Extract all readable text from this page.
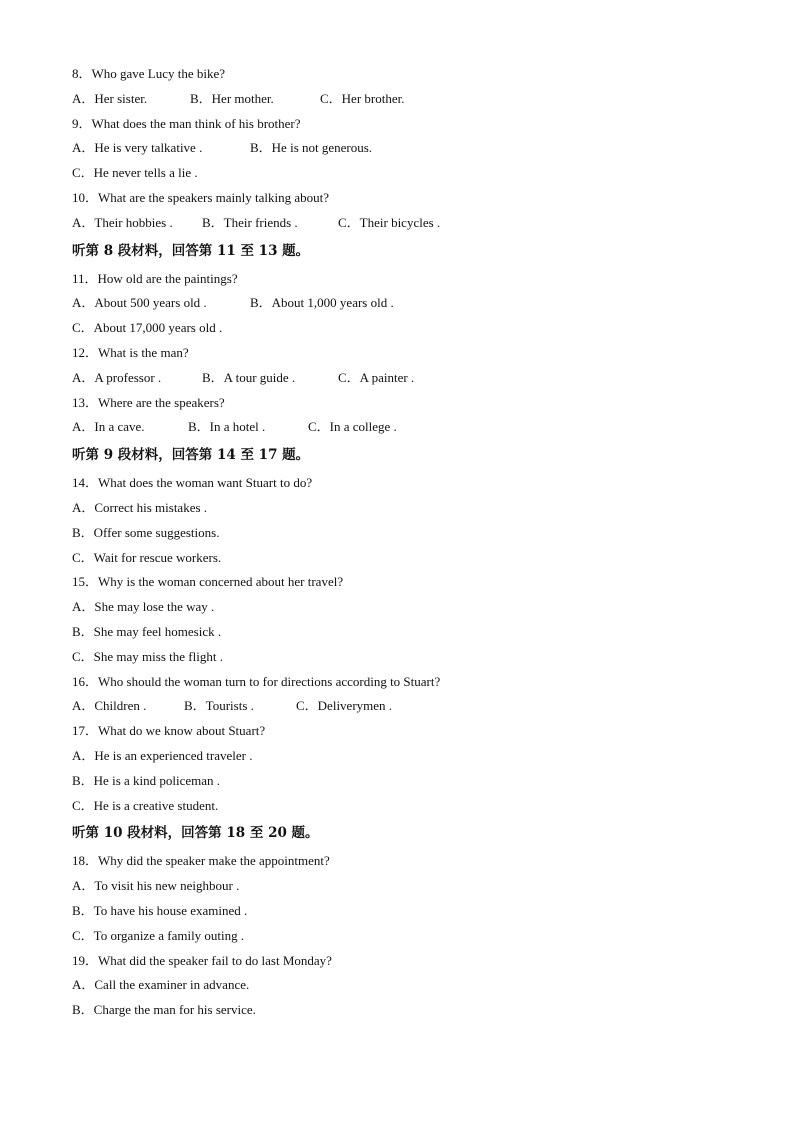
8．Who gave Lucy the bike?
A．Her sister.	B．Her mother.	C．Her brother.
9．What does the man think of his brother?
A．He is very talkative .	B．He is not generous.
C．He never tells a lie .
10．What are the speakers mainly talking about?
A．Their hobbies . B．Their friends .	C．Their bicycles .
听第 8 段材料，回答第 11 至 13 题。
11．How old are the paintings?
A．About 500 years old .	B．About 1,000 years old .
C．About 17,000 years old .
12．What is the man?
A．A professor .	B．A tour guide .	C．A painter .
13．Where are the speakers?
A．In a cave.	B．In a hotel .	C．In a college .
听第 9 段材料，回答第 14 至 17 题。
14．What does the woman want Stuart to do?
A．Correct his mistakes .
B．Offer some suggestions.
C．Wait for rescue workers.
15．Why is the woman concerned about her travel?
A．She may lose the way .
B．She may feel homesick .
C．She may miss the flight .
16．Who should the woman turn to for directions according to Stuart?
A．Children .	B．Tourists .	C．Deliverymen .
17．What do we know about Stuart?
A．He is an experienced traveler .
B．He is a kind policeman .
C．He is a creative student.
听第 10 段材料，回答第 18 至 20 题。
18．Why did the speaker make the appointment?
A．To visit his new neighbour .
B．To have his house examined .
C．To organize a family outing .
19．What did the speaker fail to do last Monday?
A．Call the examiner in advance.
B．Charge the man for his service.
